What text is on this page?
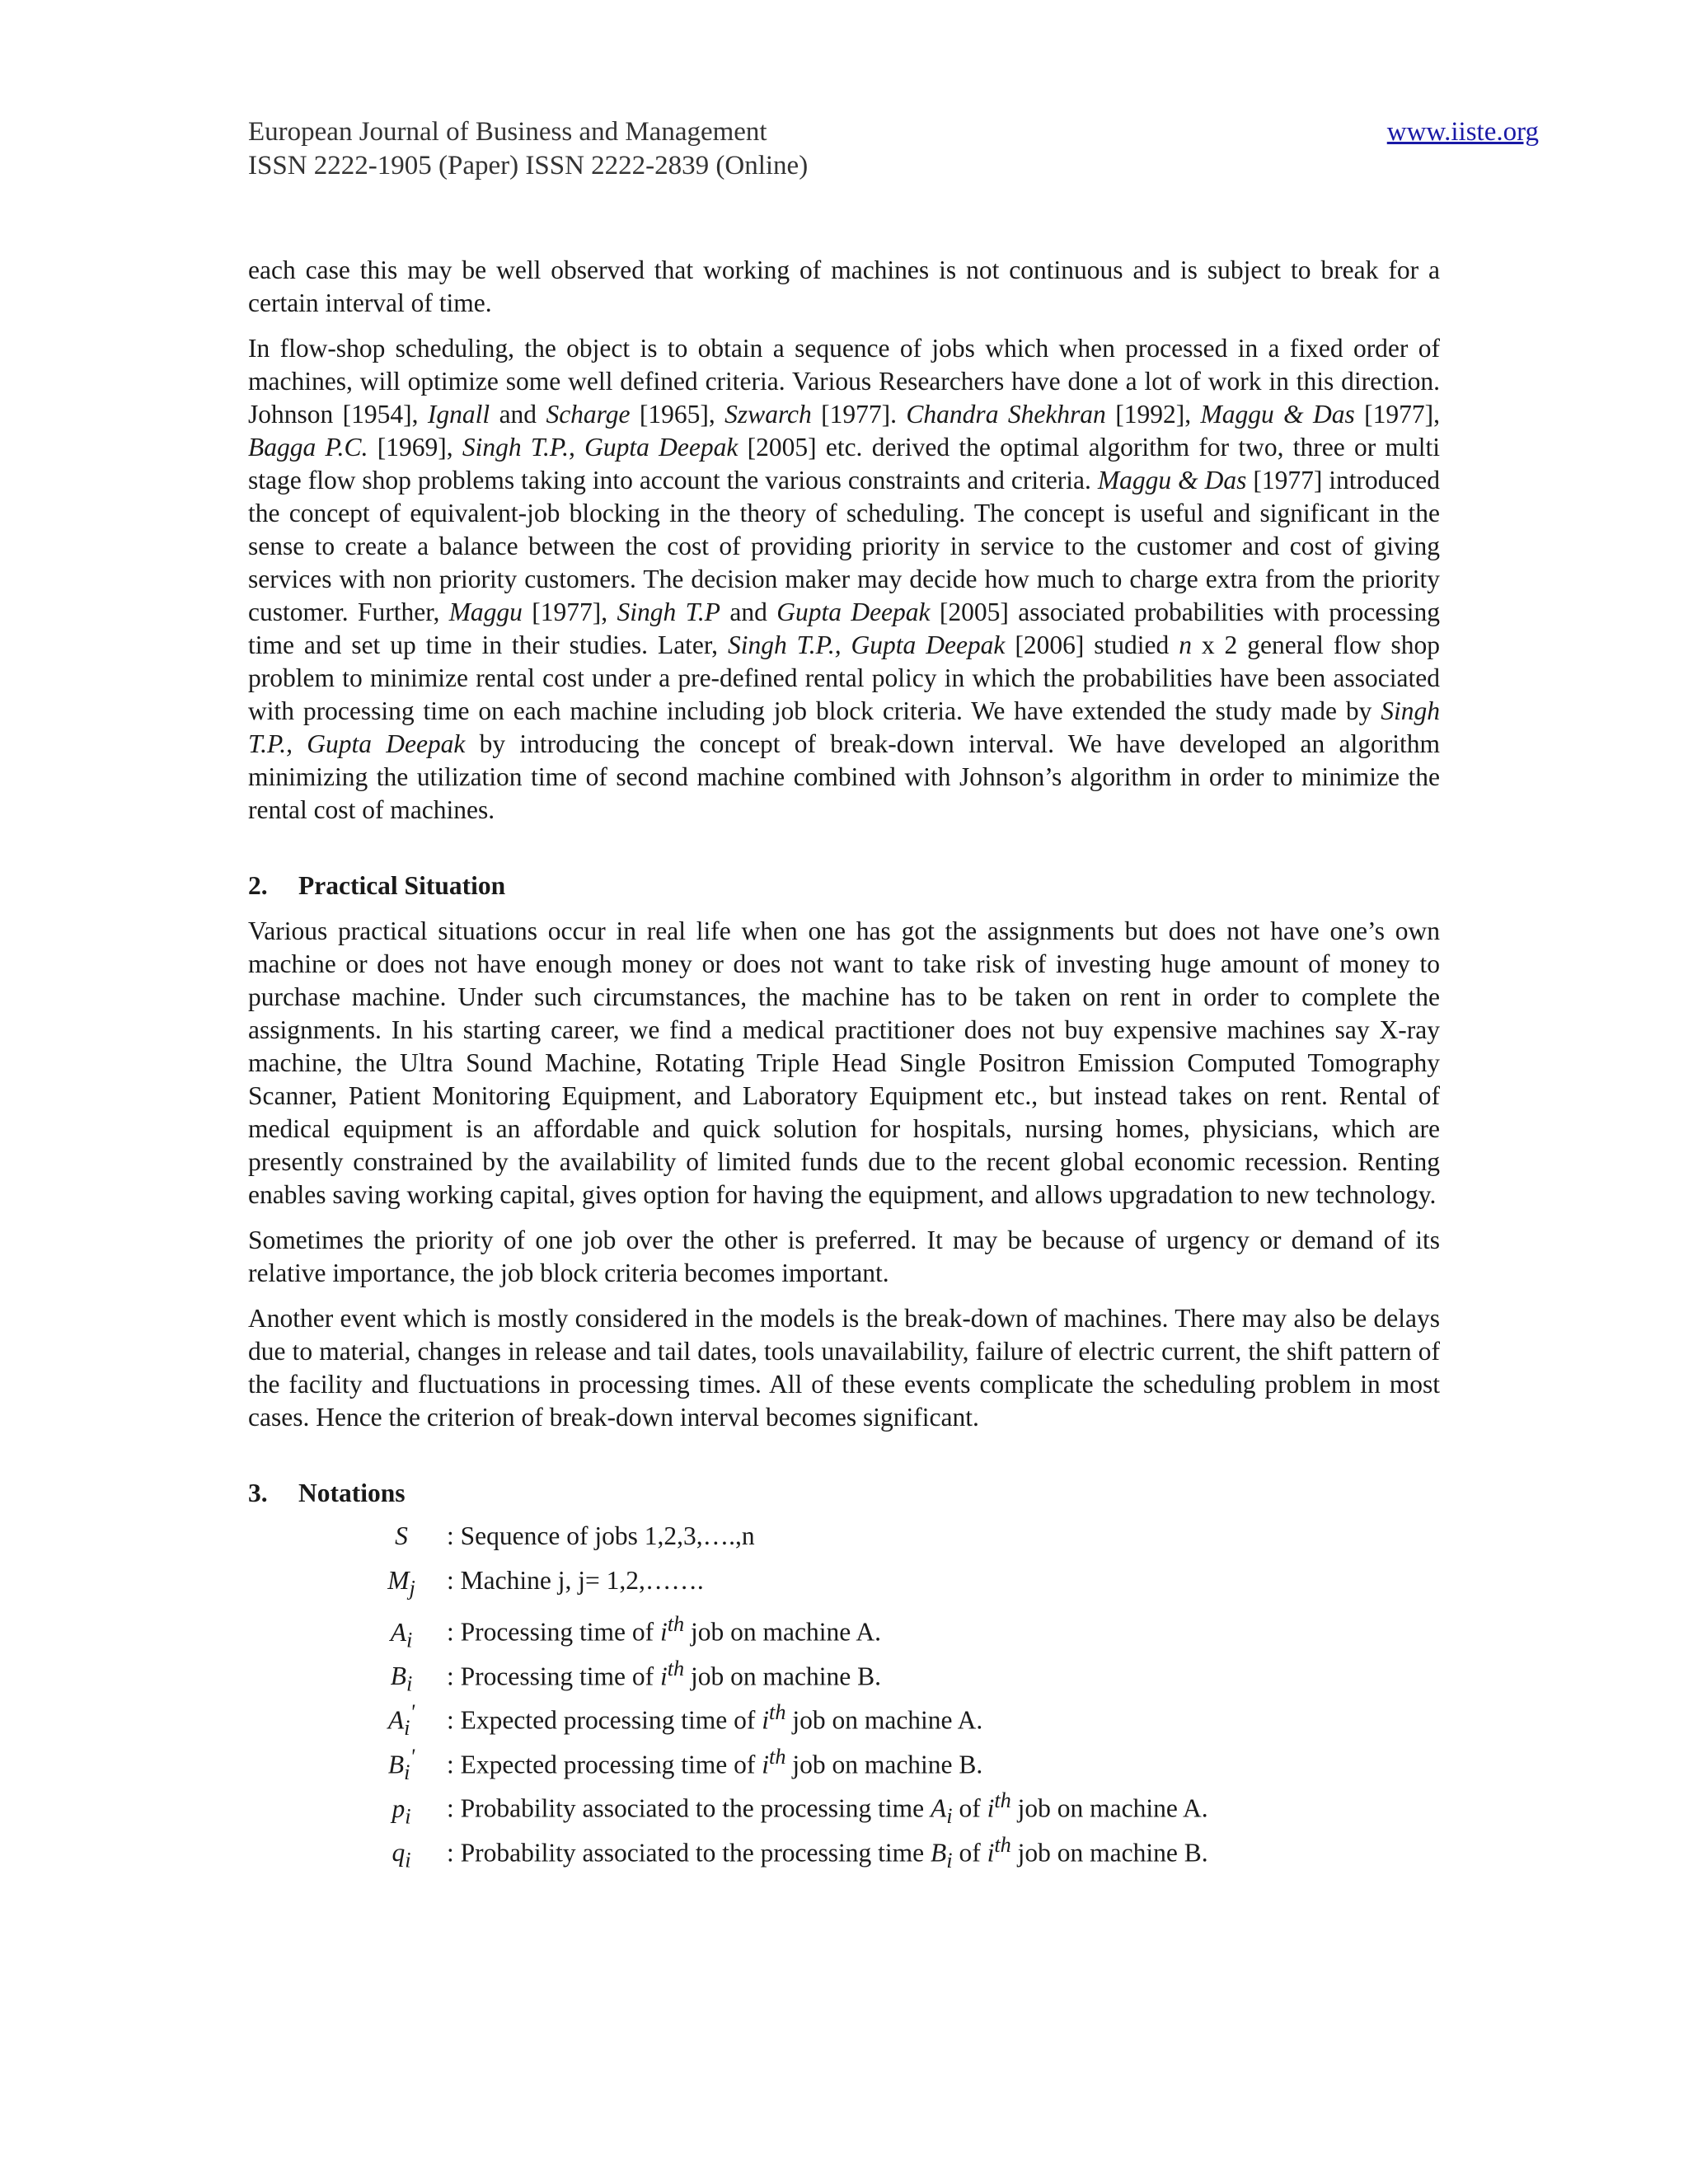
European Journal of Business and Management	www.iiste.org
ISSN 2222-1905 (Paper) ISSN 2222-2839 (Online)

each case this may be well observed that working of machines is not continuous and is subject to break for a certain interval of time.

In flow-shop scheduling, the object is to obtain a sequence of jobs which when processed in a fixed order of machines, will optimize some well defined criteria. Various Researchers have done a lot of work in this direction. Johnson [1954], Ignall and Scharge [1965], Szwarch [1977]. Chandra Shekhran [1992], Maggu & Das [1977], Bagga P.C. [1969], Singh T.P., Gupta Deepak [2005] etc. derived the optimal algorithm for two, three or multi stage flow shop problems taking into account the various constraints and criteria. Maggu & Das [1977] introduced the concept of equivalent-job blocking in the theory of scheduling. The concept is useful and significant in the sense to create a balance between the cost of providing priority in service to the customer and cost of giving services with non priority customers. The decision maker may decide how much to charge extra from the priority customer. Further, Maggu [1977], Singh T.P and Gupta Deepak [2005] associated probabilities with processing time and set up time in their studies. Later, Singh T.P., Gupta Deepak [2006] studied n x 2 general flow shop problem to minimize rental cost under a pre-defined rental policy in which the probabilities have been associated with processing time on each machine including job block criteria. We have extended the study made by Singh T.P., Gupta Deepak by introducing the concept of break-down interval. We have developed an algorithm minimizing the utilization time of second machine combined with Johnson’s algorithm in order to minimize the rental cost of machines.

2. Practical Situation

Various practical situations occur in real life when one has got the assignments but does not have one’s own machine or does not have enough money or does not want to take risk of investing huge amount of money to purchase machine. Under such circumstances, the machine has to be taken on rent in order to complete the assignments. In his starting career, we find a medical practitioner does not buy expensive machines say X-ray machine, the Ultra Sound Machine, Rotating Triple Head Single Positron Emission Computed Tomography Scanner, Patient Monitoring Equipment, and Laboratory Equipment etc., but instead takes on rent. Rental of medical equipment is an affordable and quick solution for hospitals, nursing homes, physicians, which are presently constrained by the availability of limited funds due to the recent global economic recession. Renting enables saving working capital, gives option for having the equipment, and allows upgradation to new technology.

Sometimes the priority of one job over the other is preferred. It may be because of urgency or demand of its relative importance, the job block criteria becomes important.

Another event which is mostly considered in the models is the break-down of machines. There may also be delays due to material, changes in release and tail dates, tools unavailability, failure of electric current, the shift pattern of the facility and fluctuations in processing times. All of these events complicate the scheduling problem in most cases. Hence the criterion of break-down interval becomes significant.

3. Notations
S	: Sequence of jobs 1,2,3,….,n
$M_j$	: Machine j, j= 1,2,…….
$A_i$	: Processing time of $i^{th}$ job on machine A.
$B_i$	: Processing time of $i^{th}$ job on machine B.
$A_i'$	: Expected processing time of $i^{th}$ job on machine A.
$B_i'$	: Expected processing time of $i^{th}$ job on machine B.
$p_i$	: Probability associated to the processing time $A_i$ of $i^{th}$ job on machine A.
$q_i$	: Probability associated to the processing time $B_i$ of $i^{th}$ job on machine B.
